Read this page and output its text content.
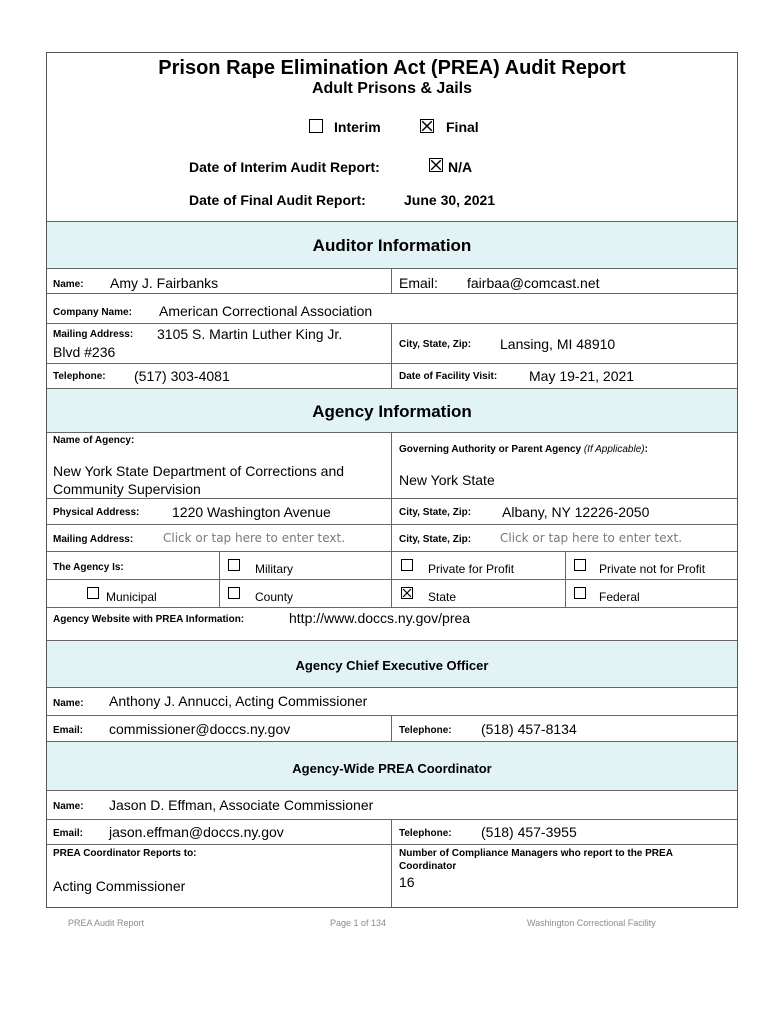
Prison Rape Elimination Act (PREA) Audit Report
Adult Prisons & Jails
Interim	Final
Date of Interim Audit Report:	N/A
Date of Final Audit Report:	June 30, 2021
Auditor Information
Name: Amy J. Fairbanks	Email: fairbaa@comcast.net
Company Name: American Correctional Association
Mailing Address: 3105 S. Martin Luther King Jr.
Blvd #236	City, State, Zip: Lansing, MI 48910
Telephone: (517) 303-4081	Date of Facility Visit: May 19-21, 2021
Agency Information
Name of Agency:
New York State Department of Corrections and
Community Supervision
Governing Authority or Parent Agency (If Applicable):
New York State
Physical Address: 1220 Washington Avenue	City, State, Zip: Albany, NY 12226-2050
Mailing Address: Click or tap here to enter text.	City, State, Zip: Click or tap here to enter text.
The Agency Is:	Military	Private for Profit	Private not for Profit
Municipal	County	State	Federal
Agency Website with PREA Information:	http://www.doccs.ny.gov/prea
Agency Chief Executive Officer
Name: Anthony J. Annucci, Acting Commissioner
Email: commissioner@doccs.ny.gov	Telephone: (518) 457-8134
Agency-Wide PREA Coordinator
Name: Jason D. Effman, Associate Commissioner
Email: jason.effman@doccs.ny.gov	Telephone: (518) 457-3955
PREA Coordinator Reports to:
Acting Commissioner
Number of Compliance Managers who report to the PREA
Coordinator
16
PREA Audit Report	Page 1 of 134	Washington Correctional Facility
